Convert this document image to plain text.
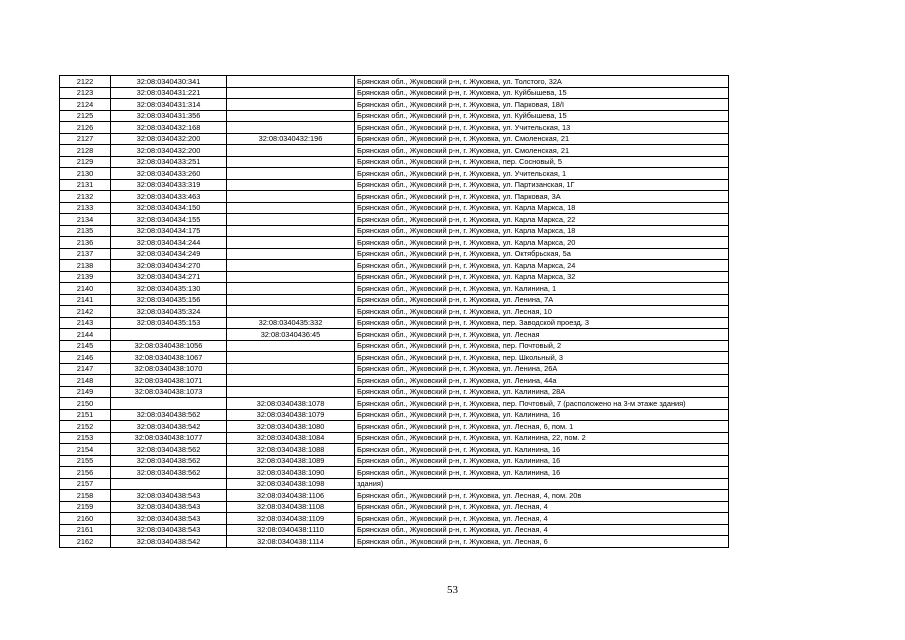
2122	32:08:0340430:341		Брянская обл., Жуковский р-н, г. Жуковка, ул. Толстого, 32А
2123	32:08:0340431:221		Брянская обл., Жуковский р-н, г. Жуковка, ул. Куйбышева, 15
2124	32:08:0340431:314		Брянская обл., Жуковский р-н, г. Жуковка, ул. Парковая, 18/I
2125	32:08:0340431:356		Брянская обл., Жуковский р-н, г. Жуковка, ул. Куйбышева, 15
2126	32:08:0340432:168		Брянская обл., Жуковский р-н, г. Жуковка, ул. Учительская, 13
2127	32:08:0340432:200	32:08:0340432:196	Брянская обл., Жуковский р-н, г. Жуковка, ул. Смоленская, 21
2128	32:08:0340432:200		Брянская обл., Жуковский р-н, г. Жуковка, ул. Смоленская, 21
2129	32:08:0340433:251		Брянская обл., Жуковский р-н, г. Жуковка, пер. Сосновый, 5
2130	32:08:0340433:260		Брянская обл., Жуковский р-н, г. Жуковка, ул. Учительская, 1
2131	32:08:0340433:319		Брянская обл., Жуковский р-н, г. Жуковка, ул. Партизанская, 1Г
2132	32:08:0340433:463		Брянская обл., Жуковский р-н, г. Жуковка, ул. Парковая, 3А
2133	32:08:0340434:150		Брянская обл., Жуковский р-н, г. Жуковка, ул. Карла Маркса, 18
2134	32:08:0340434:155		Брянская обл., Жуковский р-н, г. Жуковка, ул. Карла Маркса, 22
2135	32:08:0340434:175		Брянская обл., Жуковский р-н, г. Жуковка, ул. Карла Маркса, 18
2136	32:08:0340434:244		Брянская обл., Жуковский р-н, г. Жуковка, ул. Карла Маркса, 20
2137	32:08:0340434:249		Брянская обл., Жуковский р-н, г. Жуковка, ул. Октябрьская, 5а
2138	32:08:0340434:270		Брянская обл., Жуковский р-н, г. Жуковка, ул. Карла Маркса, 24
2139	32:08:0340434:271		Брянская обл., Жуковский р-н, г. Жуковка, ул. Карла Маркса, 32
2140	32:08:0340435:130		Брянская обл., Жуковский р-н, г. Жуковка, ул. Калинина, 1
2141	32:08:0340435:156		Брянская обл., Жуковский р-н, г. Жуковка, ул. Ленина, 7А
2142	32:08:0340435:324		Брянская обл., Жуковский р-н, г. Жуковка, ул. Лесная, 10
2143	32:08:0340435:153	32:08:0340435:332	Брянская обл., Жуковский р-н, г. Жуковка, пер. Заводской проезд, 3
2144		32:08:0340436:45	Брянская обл., Жуковский р-н, г. Жуковка, ул. Лесная
2145	32:08:0340438:1056		Брянская обл., Жуковский р-н, г. Жуковка, пер. Почтовый, 2
2146	32:08:0340438:1067		Брянская обл., Жуковский р-н, г. Жуковка, пер. Школьный, 3
2147	32:08:0340438:1070		Брянская обл., Жуковский р-н, г. Жуковка, ул. Ленина, 26А
2148	32:08:0340438:1071		Брянская обл., Жуковский р-н, г. Жуковка, ул. Ленина, 44а
2149	32:08:0340438:1073		Брянская обл., Жуковский р-н, г. Жуковка, ул. Калинина, 28А
2150		32:08:0340438:1078	Брянская обл., Жуковский р-н, г. Жуковка, пер. Почтовый, 7 (расположено на 3-м этаже здания)
2151	32:08:0340438:562	32:08:0340438:1079	Брянская обл., Жуковский р-н, г. Жуковка, ул. Калинина, 16
2152	32:08:0340438:542	32:08:0340438:1080	Брянская обл., Жуковский р-н, г. Жуковка, ул. Лесная, 6, пом. 1
2153	32:08:0340438:1077	32:08:0340438:1084	Брянская обл., Жуковский р-н, г. Жуковка, ул. Калинина, 22, пом. 2
2154	32:08:0340438:562	32:08:0340438:1088	Брянская обл., Жуковский р-н, г. Жуковка, ул. Калинина, 16
2155	32:08:0340438:562	32:08:0340438:1089	Брянская обл., Жуковский р-н, г. Жуковка, ул. Калинина, 16
2156	32:08:0340438:562	32:08:0340438:1090	Брянская обл., Жуковский р-н, г. Жуковка, ул. Калинина, 16
2157		32:08:0340438:1098	здания)
2158	32:08:0340438:543	32:08:0340438:1106	Брянская обл., Жуковский р-н, г. Жуковка, ул. Лесная, 4, пом. 20в
2159	32:08:0340438:543	32:08:0340438:1108	Брянская обл., Жуковский р-н, г. Жуковка, ул. Лесная, 4
2160	32:08:0340438:543	32:08:0340438:1109	Брянская обл., Жуковский р-н, г. Жуковка, ул. Лесная, 4
2161	32:08:0340438:543	32:08:0340438:1110	Брянская обл., Жуковский р-н, г. Жуковка, ул. Лесная, 4
2162	32:08:0340438:542	32:08:0340438:1114	Брянская обл., Жуковский р-н, г. Жуковка, ул. Лесная, 6
53
